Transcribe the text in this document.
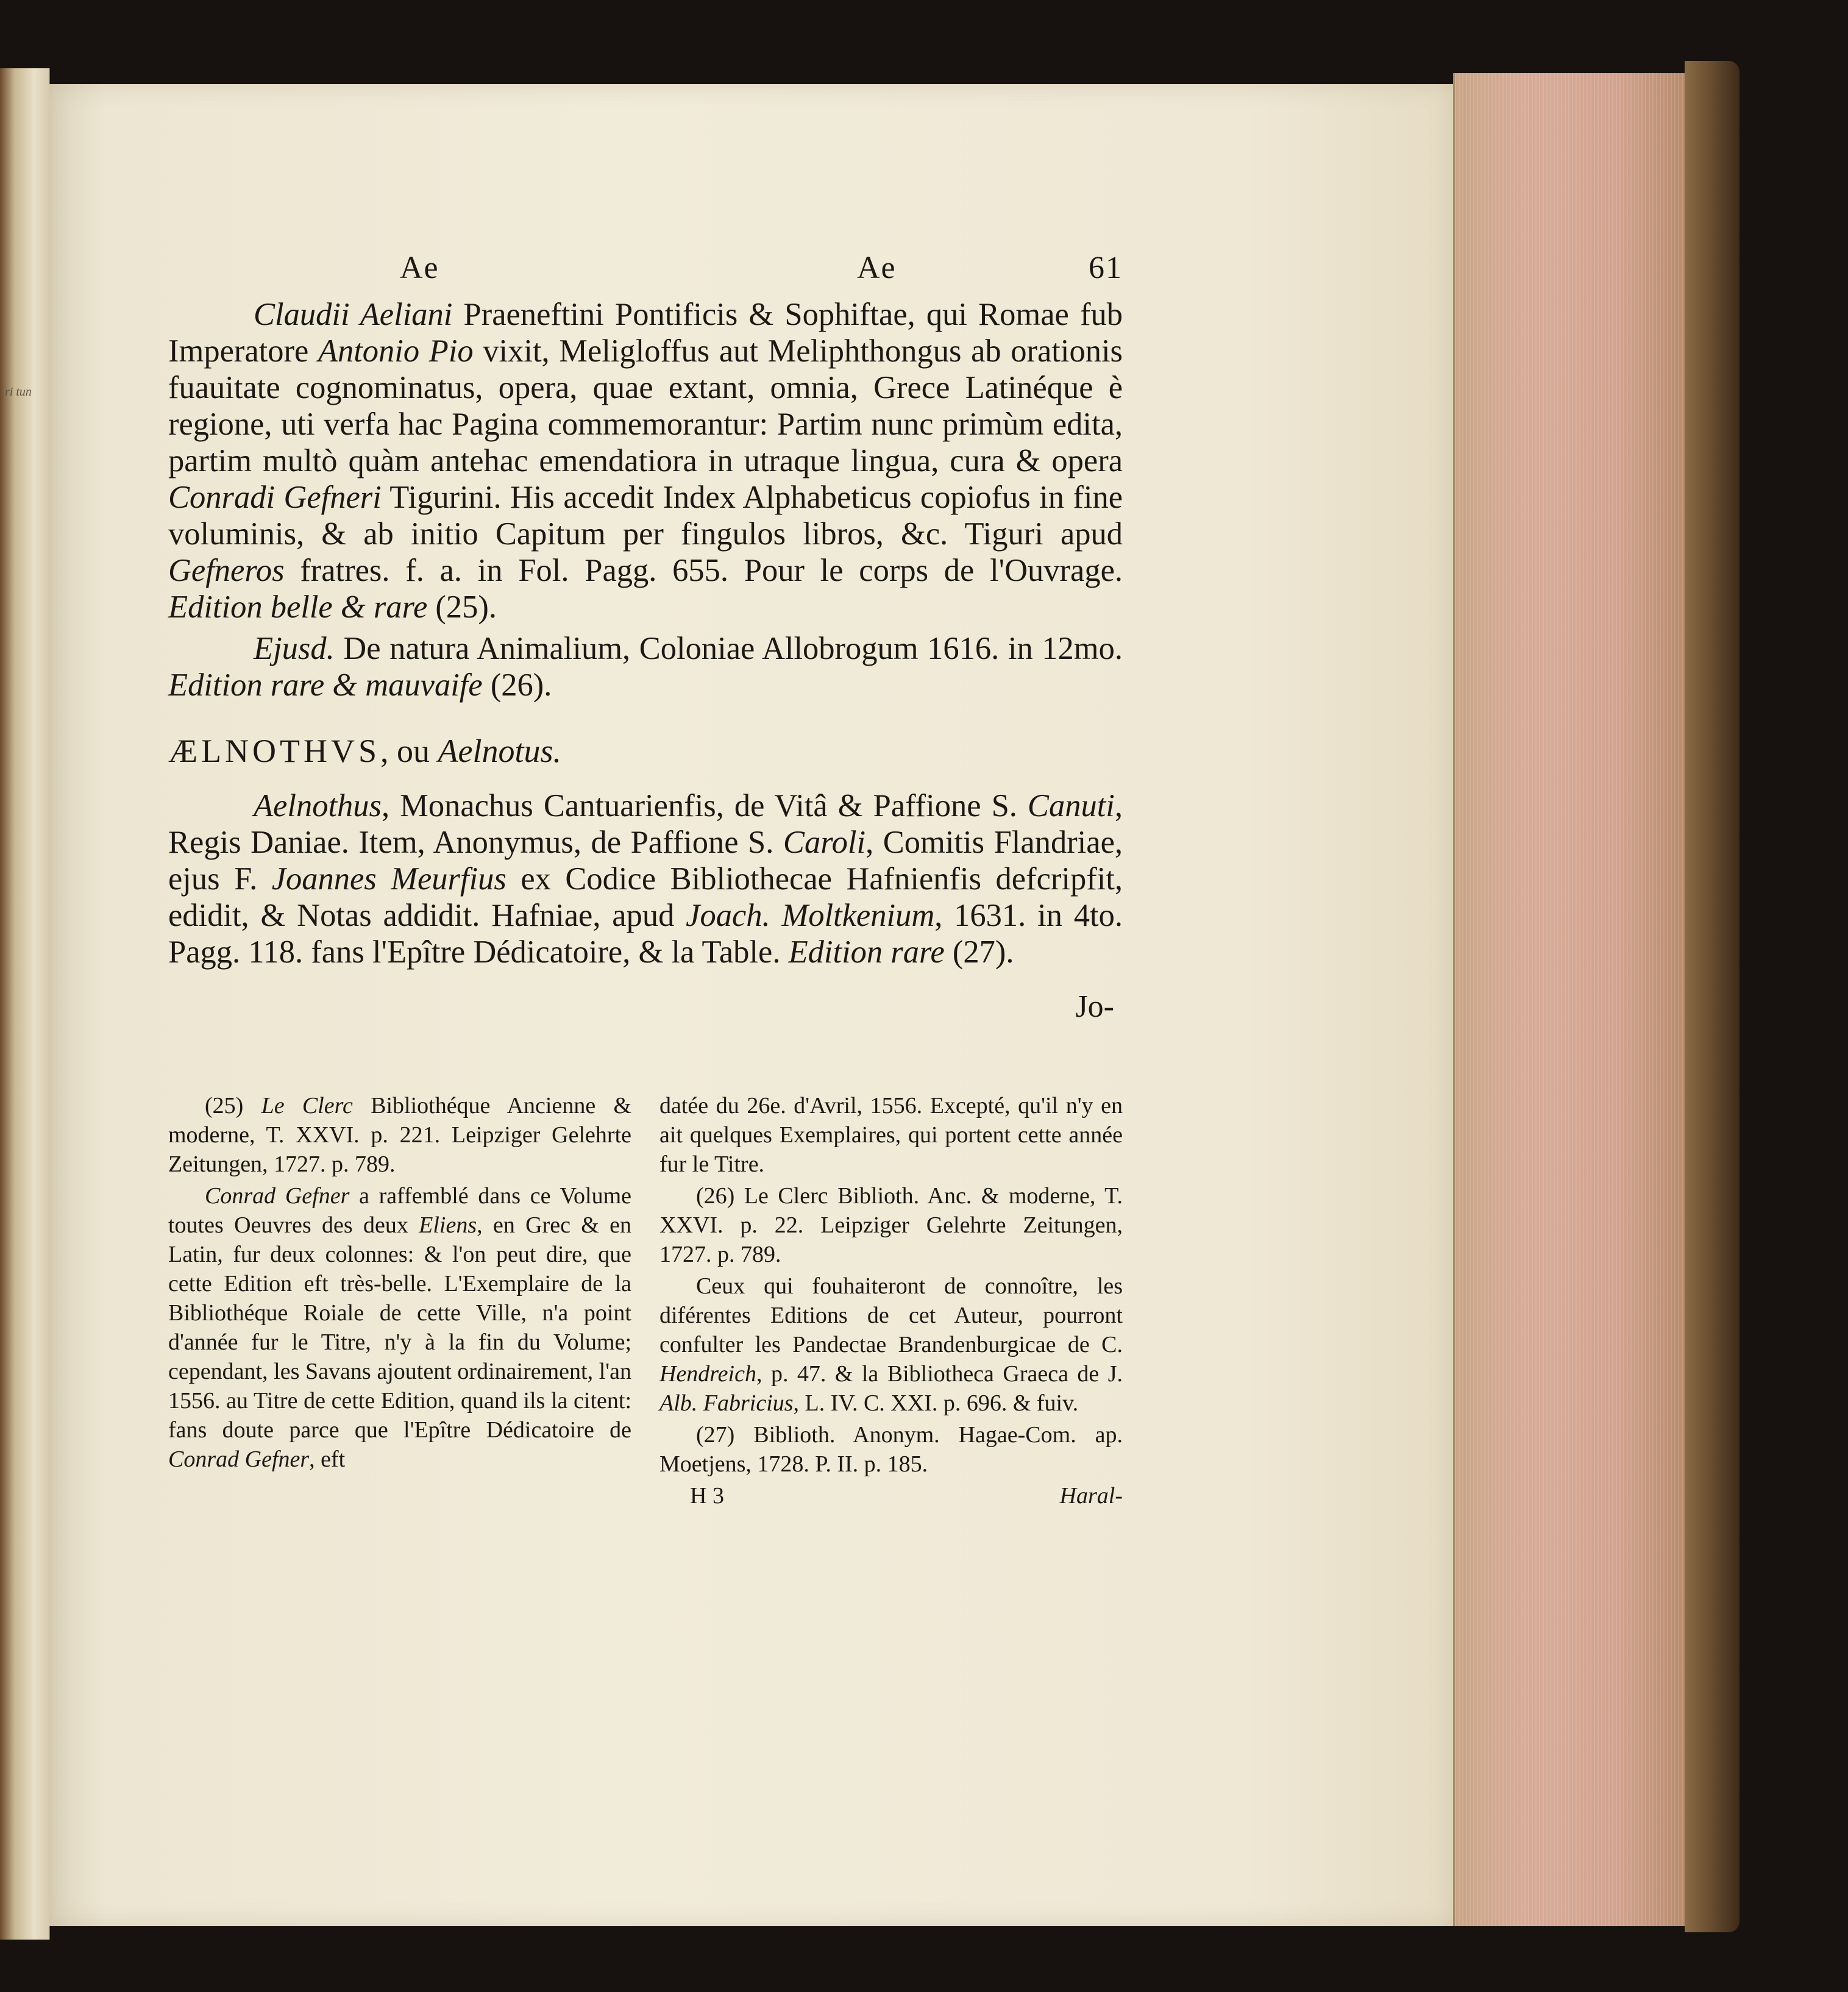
ri tun
Ae	Ae	61

Claudii Aeliani Praeneftini Pontificis & Sophiftae, qui Romae fub Imperatore Antonio Pio vixit, Meligloffus aut Meliphthongus ab orationis fuauitate cognominatus, opera, quae extant, omnia, Grece Latinéque è regione, uti verfa hac Pagina commemorantur: Partim nunc primùm edita, partim multò quàm antehac emendatiora in utraque lingua, cura & opera Conradi Gefneri Tigurini. His accedit Index Alphabeticus copiofus in fine voluminis, & ab initio Capitum per fingulos libros, &c. Tiguri apud Gefneros fratres. f. a. in Fol. Pagg. 655. Pour le corps de l'Ouvrage. Edition belle & rare (25).

Ejusd. De natura Animalium, Coloniae Allobrogum 1616. in 12mo. Edition rare & mauvaife (26).

ÆLNOTHVS, ou Aelnotus.

Aelnothus, Monachus Cantuarienfis, de Vitâ & Paffione S. Canuti, Regis Daniae. Item, Anonymus, de Paffione S. Caroli, Comitis Flandriae, ejus F. Joannes Meurfius ex Codice Bibliothecae Hafnienfis defcripfit, edidit, & Notas addidit. Hafniae, apud Joach. Moltkenium, 1631. in 4to. Pagg. 118. fans l'Epître Dédicatoire, & la Table. Edition rare (27).

Jo-

(25) Le Clerc Bibliothéque Ancienne & moderne, T. XXVI. p. 221. Leipziger Gelehrte Zeitungen, 1727. p. 789.

Conrad Gefner a raffemblé dans ce Volume toutes Oeuvres des deux Eliens, en Grec & en Latin, fur deux colonnes: & l'on peut dire, que cette Edition eft très-belle. L'Exemplaire de la Bibliothéque Roiale de cette Ville, n'a point d'année fur le Titre, n'y à la fin du Volume; cependant, les Savans ajoutent ordinairement, l'an 1556. au Titre de cette Edition, quand ils la citent: fans doute parce que l'Epître Dédicatoire de Conrad Gefner, eft

datée du 26e. d'Avril, 1556. Excepté, qu'il n'y en ait quelques Exemplaires, qui portent cette année fur le Titre.

(26) Le Clerc Biblioth. Anc. & moderne, T. XXVI. p. 22. Leipziger Gelehrte Zeitungen, 1727. p. 789.

Ceux qui fouhaiteront de connoître, les diférentes Editions de cet Auteur, pourront confulter les Pandectae Brandenburgicae de C. Hendreich, p. 47. & la Bibliotheca Graeca de J. Alb. Fabricius, L. IV. C. XXI. p. 696. & fuiv.

(27) Biblioth. Anonym. Hagae-Com. ap. Moetjens, 1728. P. II. p. 185.

H 3	Haral-
